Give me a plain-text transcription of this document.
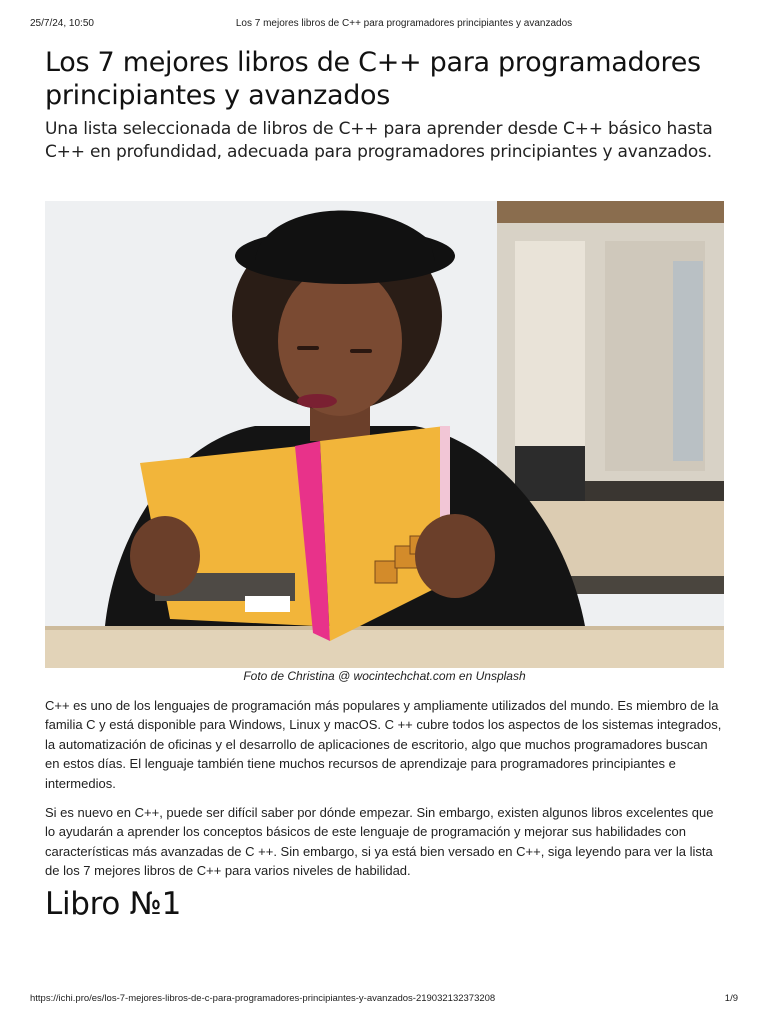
25/7/24, 10:50	Los 7 mejores libros de C++ para programadores principiantes y avanzados
Los 7 mejores libros de C++ para programadores principiantes y avanzados

Una lista seleccionada de libros de C++ para aprender desde C++ básico hasta C++ en profundidad, adecuada para programadores principiantes y avanzados.

Foto de Christina @ wocintechchat.com en Unsplash

C++ es uno de los lenguajes de programación más populares y ampliamente utilizados del mundo. Es miembro de la familia C y está disponible para Windows, Linux y macOS. C ++ cubre todos los aspectos de los sistemas integrados, la automatización de oficinas y el desarrollo de aplicaciones de escritorio, algo que muchos programadores buscan en estos días. El lenguaje también tiene muchos recursos de aprendizaje para programadores principiantes e intermedios.

Si es nuevo en C++, puede ser difícil saber por dónde empezar. Sin embargo, existen algunos libros excelentes que lo ayudarán a aprender los conceptos básicos de este lenguaje de programación y mejorar sus habilidades con características más avanzadas de C ++. Sin embargo, si ya está bien versado en C++, siga leyendo para ver la lista de los 7 mejores libros de C++ para varios niveles de habilidad.

Libro №1
https://ichi.pro/es/los-7-mejores-libros-de-c-para-programadores-principiantes-y-avanzados-219032132373208	1/9
